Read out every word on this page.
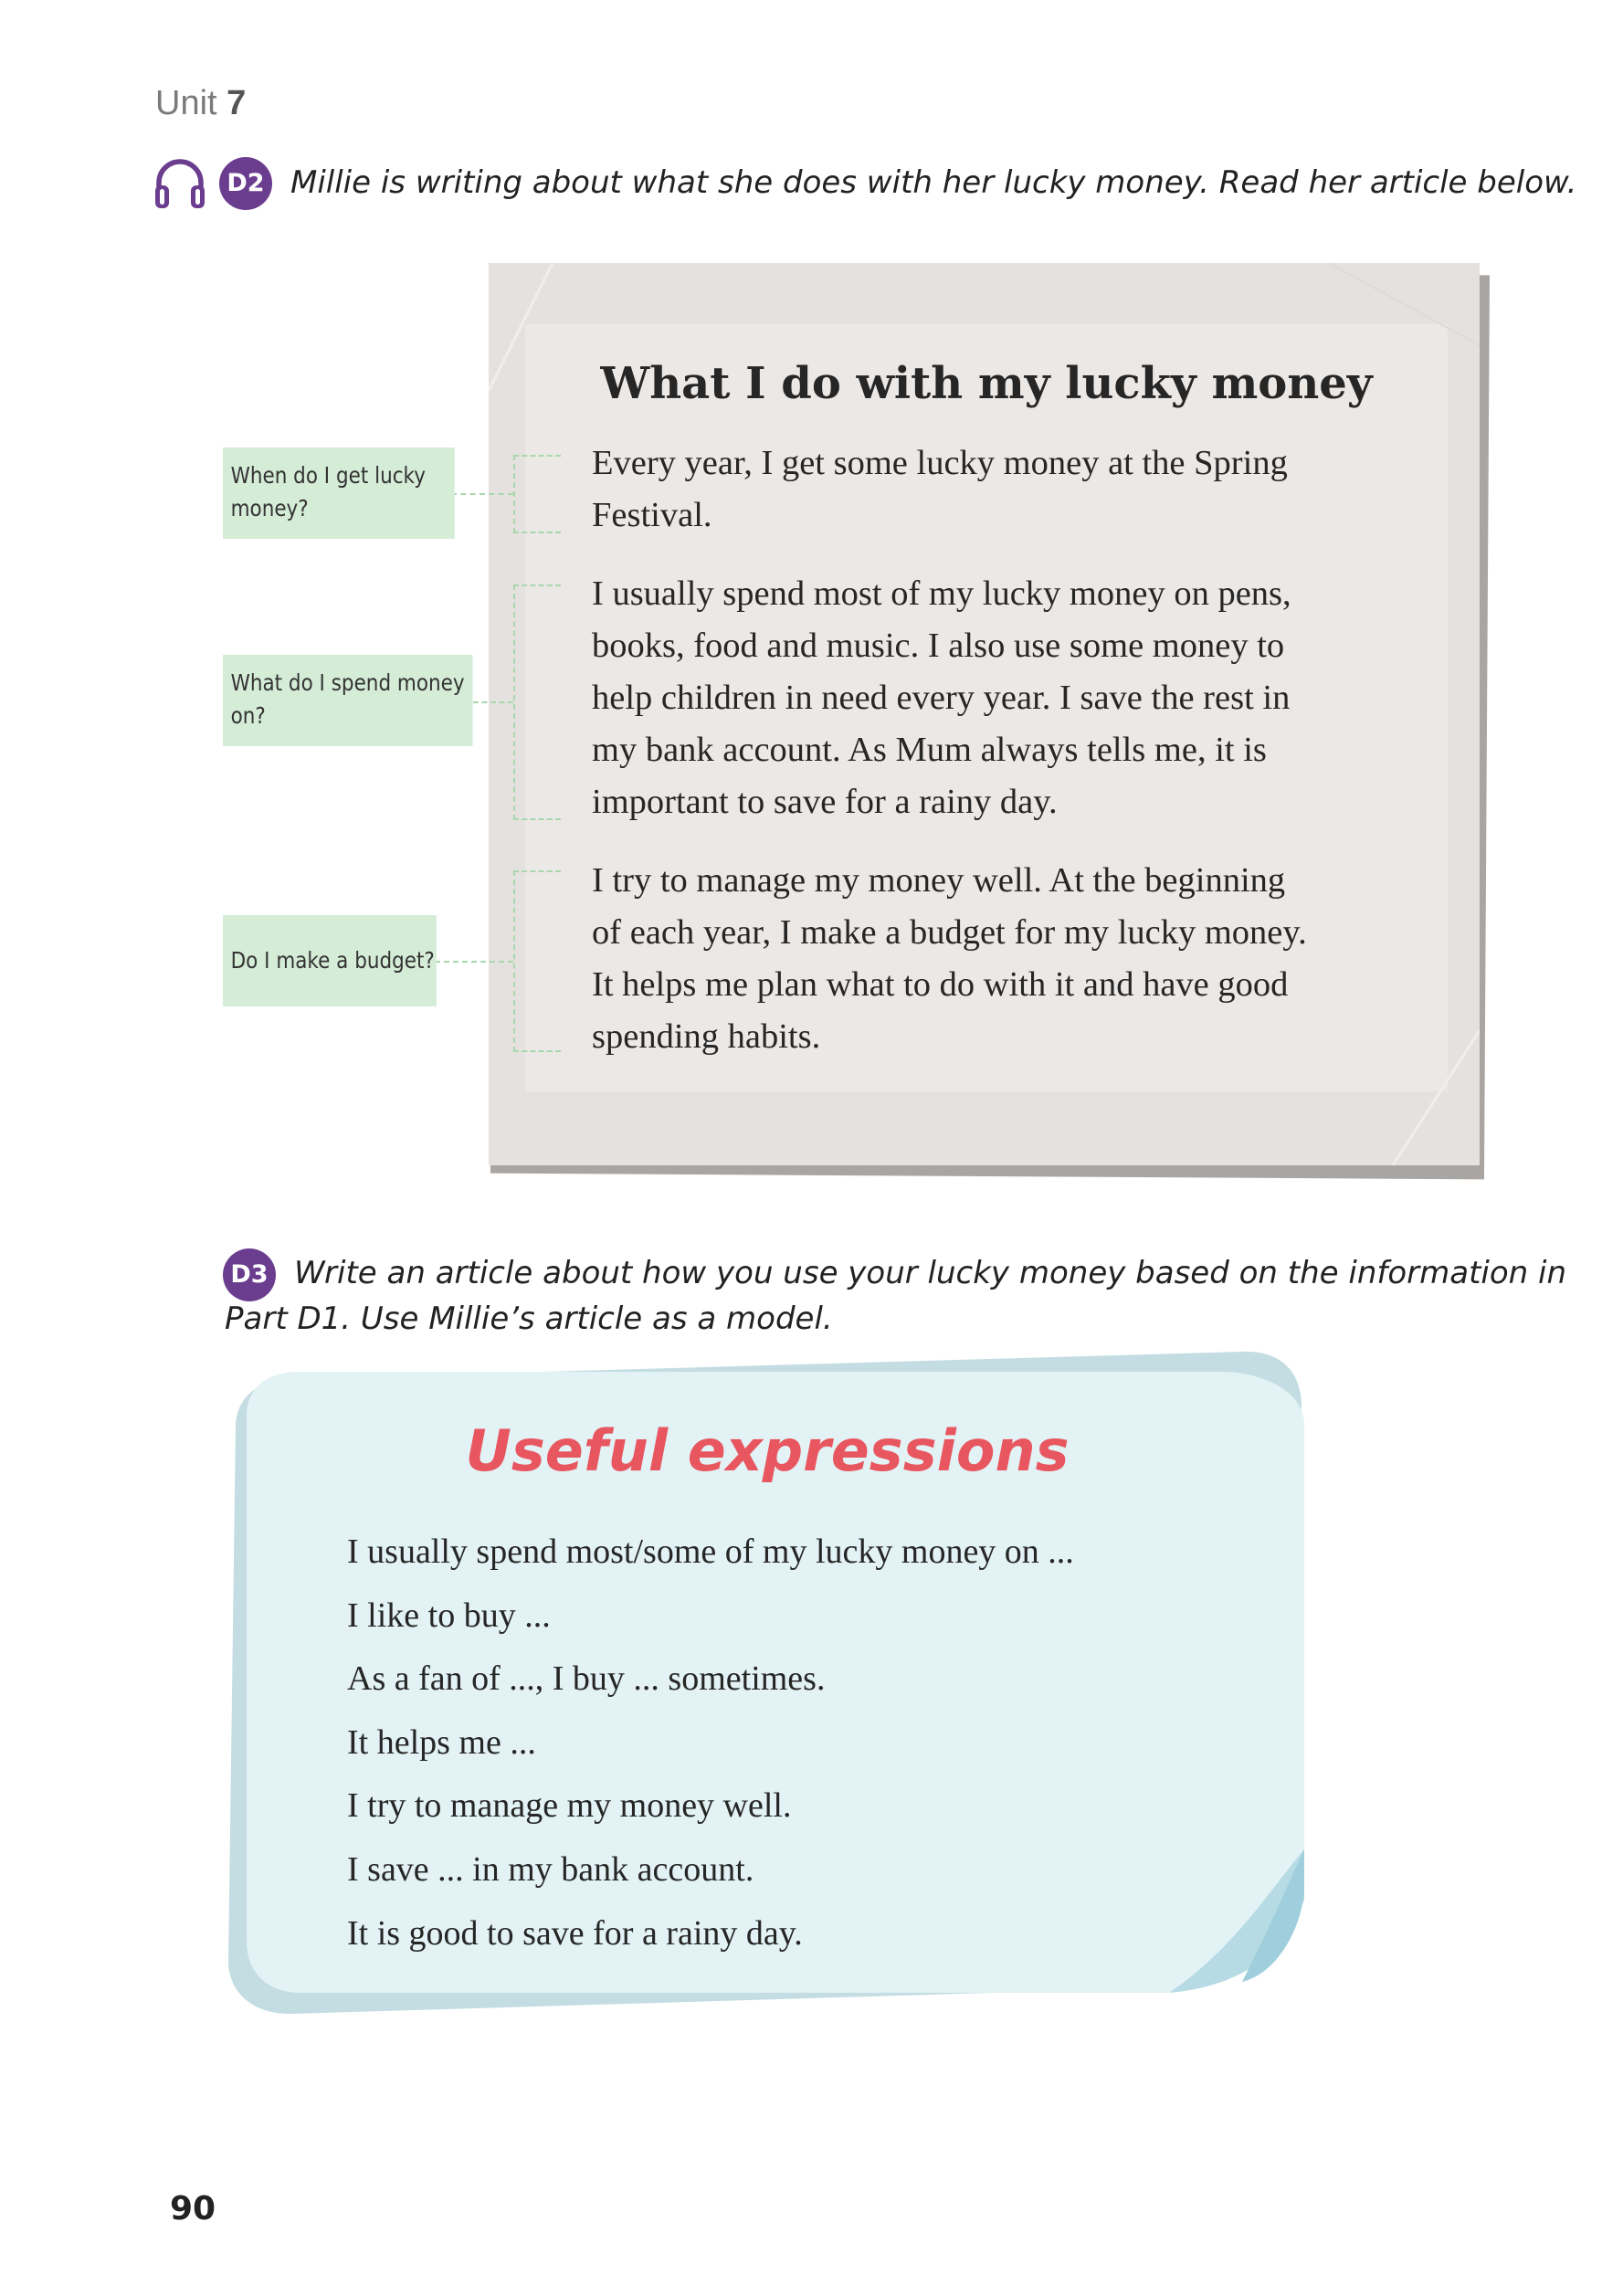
Unit 7
D2 Millie is writing about what she does with her lucky money. Read her article below.
What I do with my lucky money

Every year, I get some lucky money at the Spring
Festival.

I usually spend most of my lucky money on pens,
books, food and music. I also use some money to
help children in need every year. I save the rest in
my bank account. As Mum always tells me, it is
important to save for a rainy day.

I try to manage my money well. At the beginning
of each year, I make a budget for my lucky money.
It helps me plan what to do with it and have good
spending habits.

When do I get lucky
money?
What do I spend money
on?
Do I make a budget?
D3 Write an article about how you use your lucky money based on the information in
Part D1. Use Millie’s article as a model.
Useful expressions
I usually spend most/some of my lucky money on ...
I like to buy ...
As a fan of ..., I buy ... sometimes.
It helps me ...
I try to manage my money well.
I save ... in my bank account.
It is good to save for a rainy day.
90
